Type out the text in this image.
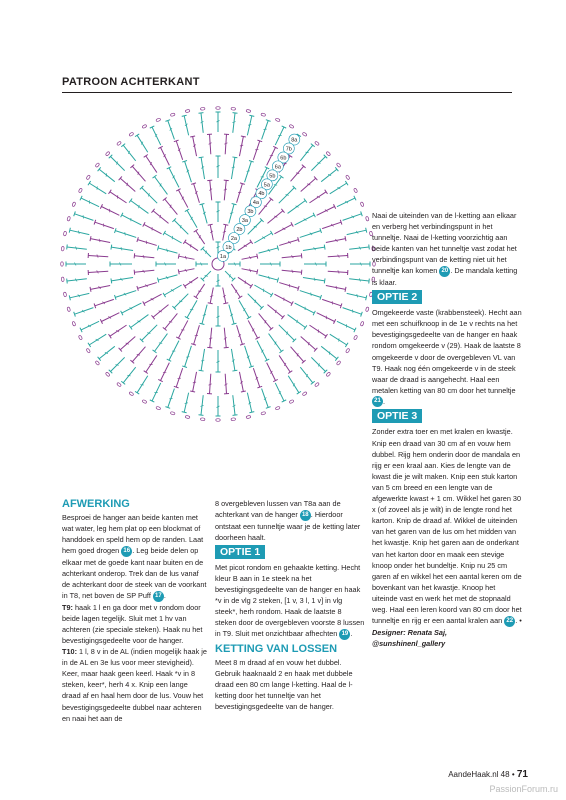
PATROON ACHTERKANT
8a
7b
6b
6a
5b
5a
4b
4a
3b
3a
2b
2a
1b
1a

Naai de uiteinden van de l-ketting aan elkaar en verberg het verbindingspunt in het tunneltje. Naai de l-ketting voorzichtig aan beide kanten van het tunneltje vast zodat het verbindingspunt van de ketting niet uit het tunneltje kan komen 20 . De mandala ketting is klaar.

OPTIE 2

Omgekeerde vaste (krabbensteek). Hecht aan met een schuifknoop in de 1e v rechts na het bevestigingsgedeelte van de hanger en haak rondom omgekeerde v (29). Haak de laatste 8 omgekeerde v door de overgebleven VL van T9. Haak nog één omgekeerde v in de steek waar de draad is aangehecht. Haal een metalen ketting van 80 cm door het tunneltje 21 .

OPTIE 3

Zonder extra toer en met kralen en kwastje. Knip een draad van 30 cm af en vouw hem dubbel. Rijg hem onderin door de mandala en rijg er een kraal aan. Kies de lengte van de kwast die je wilt maken. Knip een stuk karton van 5 cm breed en een lengte van de afgewerkte kwast + 1 cm. Wikkel het garen 30 x (of zoveel als je wilt) in de lengte rond het karton. Knip de draad af. Wikkel de uiteinden van het garen van de lus om het midden van het kwastje. Knip het garen aan de onderkant van het karton door en maak een stevige knoop onder het bundeltje. Knip nu 25 cm garen af en wikkel het een aantal keren om de bovenkant van het kwastje. Knoop het uiteinde vast en werk het met de stopnaald weg. Haal een leren koord van 80 cm door het tunneltje en rijg er een aantal kralen aan 22 . •

Designer: Renata Saj,

@sunshinenl_gallery

AFWERKING

Besproei de hanger aan beide kanten met wat water, leg hem plat op een blockmat of handdoek en speld hem op de randen. Laat hem goed drogen 16 . Leg beide delen op elkaar met de goede kant naar buiten en de achterkant onderop. Trek dan de lus vanaf de achterkant door de steek van de voorkant in T8, net boven de SP Puff 17 .

T9: haak 1 l en ga door met v rondom door beide lagen tegelijk. Sluit met 1 hv van achteren (zie speciale steken). Haak nu het bevestigingsgedeelte voor de hanger.

T10: 1 l, 8 v in de AL (indien mogelijk haak je in de AL en 3e lus voor meer stevigheid). Keer, maar haak geen keerl. Haak *v in 8 steken, keer*, herh 4 x. Knip een lange draad af en haal hem door de lus. Vouw het bevestigingsgedeelte dubbel naar achteren en naai het aan de

8 overgebleven lussen van T8a aan de achterkant van de hanger 18 . Hierdoor ontstaat een tunneltje waar je de ketting later doorheen haalt.

OPTIE 1

Met picot rondom en gehaakte ketting. Hecht kleur B aan in 1e steek na het bevestigingsgedeelte van de hanger en haak *v in de vlg 2 steken, [1 v, 3 l, 1 v] in vlg steek*, herh rondom. Haak de laatste 8 steken door de overgebleven voorste 8 lussen in T9. Sluit met onzichtbaar afhechten 19 .

KETTING VAN LOSSEN

Meet 8 m draad af en vouw het dubbel. Gebruik haaknaald 2 en haak met dubbele draad een 80 cm lange l-ketting. Haal de l-ketting door het tunneltje van het bevestigingsgedeelte van de hanger.

AandeHaak.nl 48 • 71
PassionForum.ru
